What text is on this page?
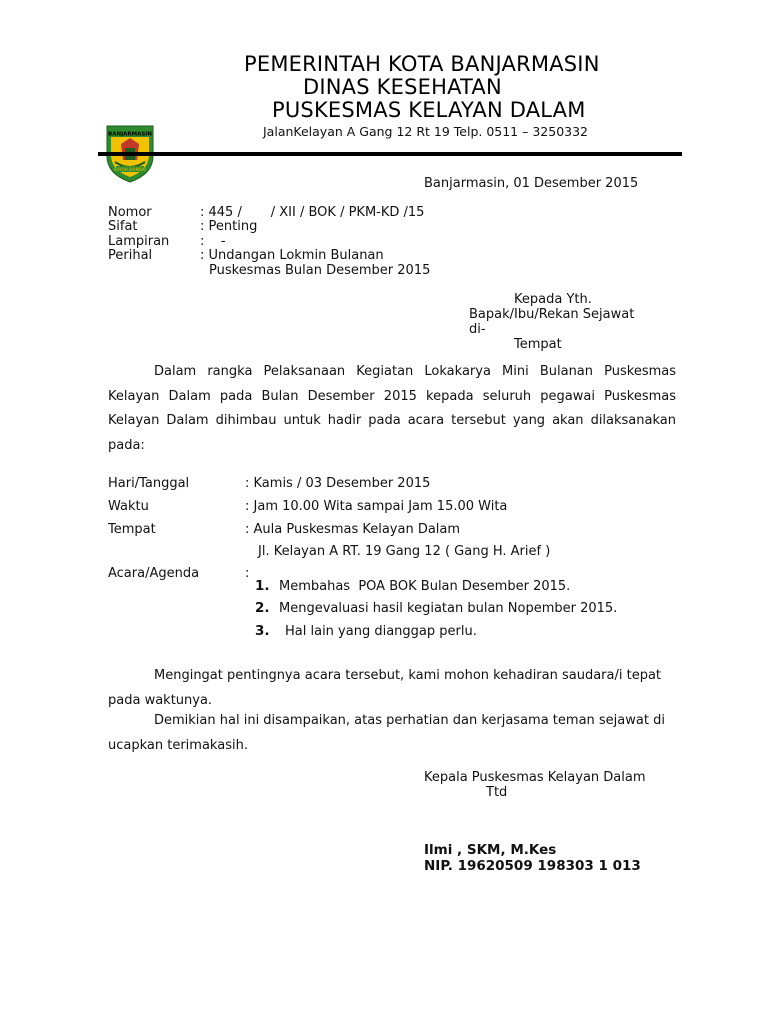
BANJARMASIN
KAYUH BAIMBAI
PEMERINTAH KOTA BANJARMASIN
DINAS KESEHATAN
PUSKESMAS KELAYAN DALAM
JalanKelayan A Gang 12 Rt 19 Telp. 0511 – 3250332
Banjarmasin, 01 Desember 2015
Nomor	: 445 /       / XII / BOK / PKM-KD /15
Sifat	: Penting
Lampiran :    -
Perihal	: Undangan Lokmin Bulanan
Puskesmas Bulan Desember 2015
Kepada Yth.
Bapak/Ibu/Rekan Sejawat
di-
Tempat
Dalam rangka Pelaksanaan Kegiatan Lokakarya Mini Bulanan Puskesmas Kelayan Dalam pada Bulan Desember 2015 kepada seluruh pegawai Puskesmas Kelayan Dalam dihimbau untuk hadir pada acara tersebut yang akan dilaksanakan pada:
Hari/Tanggal	: Kamis / 03 Desember 2015
Waktu	: Jam 10.00 Wita sampai Jam 15.00 Wita
Tempat	: Aula Puskesmas Kelayan Dalam
Jl. Kelayan A RT. 19 Gang 12 ( Gang H. Arief )
Acara/Agenda	:
1. Membahas  POA BOK Bulan Desember 2015.
2. Mengevaluasi hasil kegiatan bulan Nopember 2015.
3. Hal lain yang dianggap perlu.
Mengingat pentingnya acara tersebut, kami mohon kehadiran saudara/i tepat pada waktunya.
Demikian hal ini disampaikan, atas perhatian dan kerjasama teman sejawat di ucapkan terimakasih.
Kepala Puskesmas Kelayan Dalam
Ttd
Ilmi , SKM, M.Kes
NIP. 19620509 198303 1 013
